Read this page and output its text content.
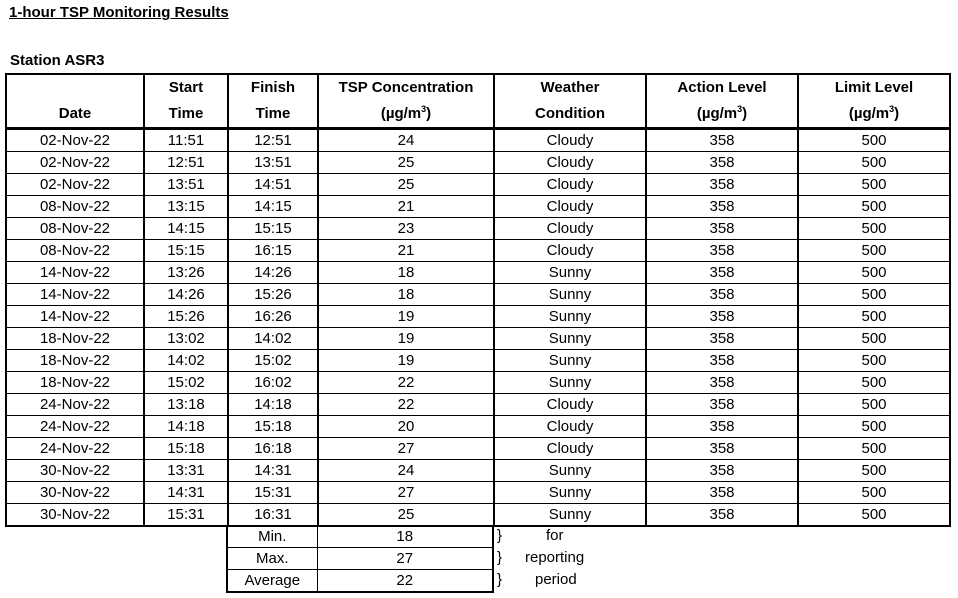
1-hour TSP Monitoring Results
Station ASR3
	Start	Finish	TSP Concentration	Weather	Action Level	Limit Level
Date	Time	Time	$(\mu g/m^3)$	Condition	$(\mu g/m^3)$	$(\mu g/m^3)$
02-Nov-22	11:51	12:51	24	Cloudy	358	500
02-Nov-22	12:51	13:51	25	Cloudy	358	500
02-Nov-22	13:51	14:51	25	Cloudy	358	500
08-Nov-22	13:15	14:15	21	Cloudy	358	500
08-Nov-22	14:15	15:15	23	Cloudy	358	500
08-Nov-22	15:15	16:15	21	Cloudy	358	500
14-Nov-22	13:26	14:26	18	Sunny	358	500
14-Nov-22	14:26	15:26	18	Sunny	358	500
14-Nov-22	15:26	16:26	19	Sunny	358	500
18-Nov-22	13:02	14:02	19	Sunny	358	500
18-Nov-22	14:02	15:02	19	Sunny	358	500
18-Nov-22	15:02	16:02	22	Sunny	358	500
24-Nov-22	13:18	14:18	22	Cloudy	358	500
24-Nov-22	14:18	15:18	20	Cloudy	358	500
24-Nov-22	15:18	16:18	27	Cloudy	358	500
30-Nov-22	13:31	14:31	24	Sunny	358	500
30-Nov-22	14:31	15:31	27	Sunny	358	500
30-Nov-22	15:31	16:31	25	Sunny	358	500
Min.	18
Max.	27
Average	22
}	for
} reporting
} period
